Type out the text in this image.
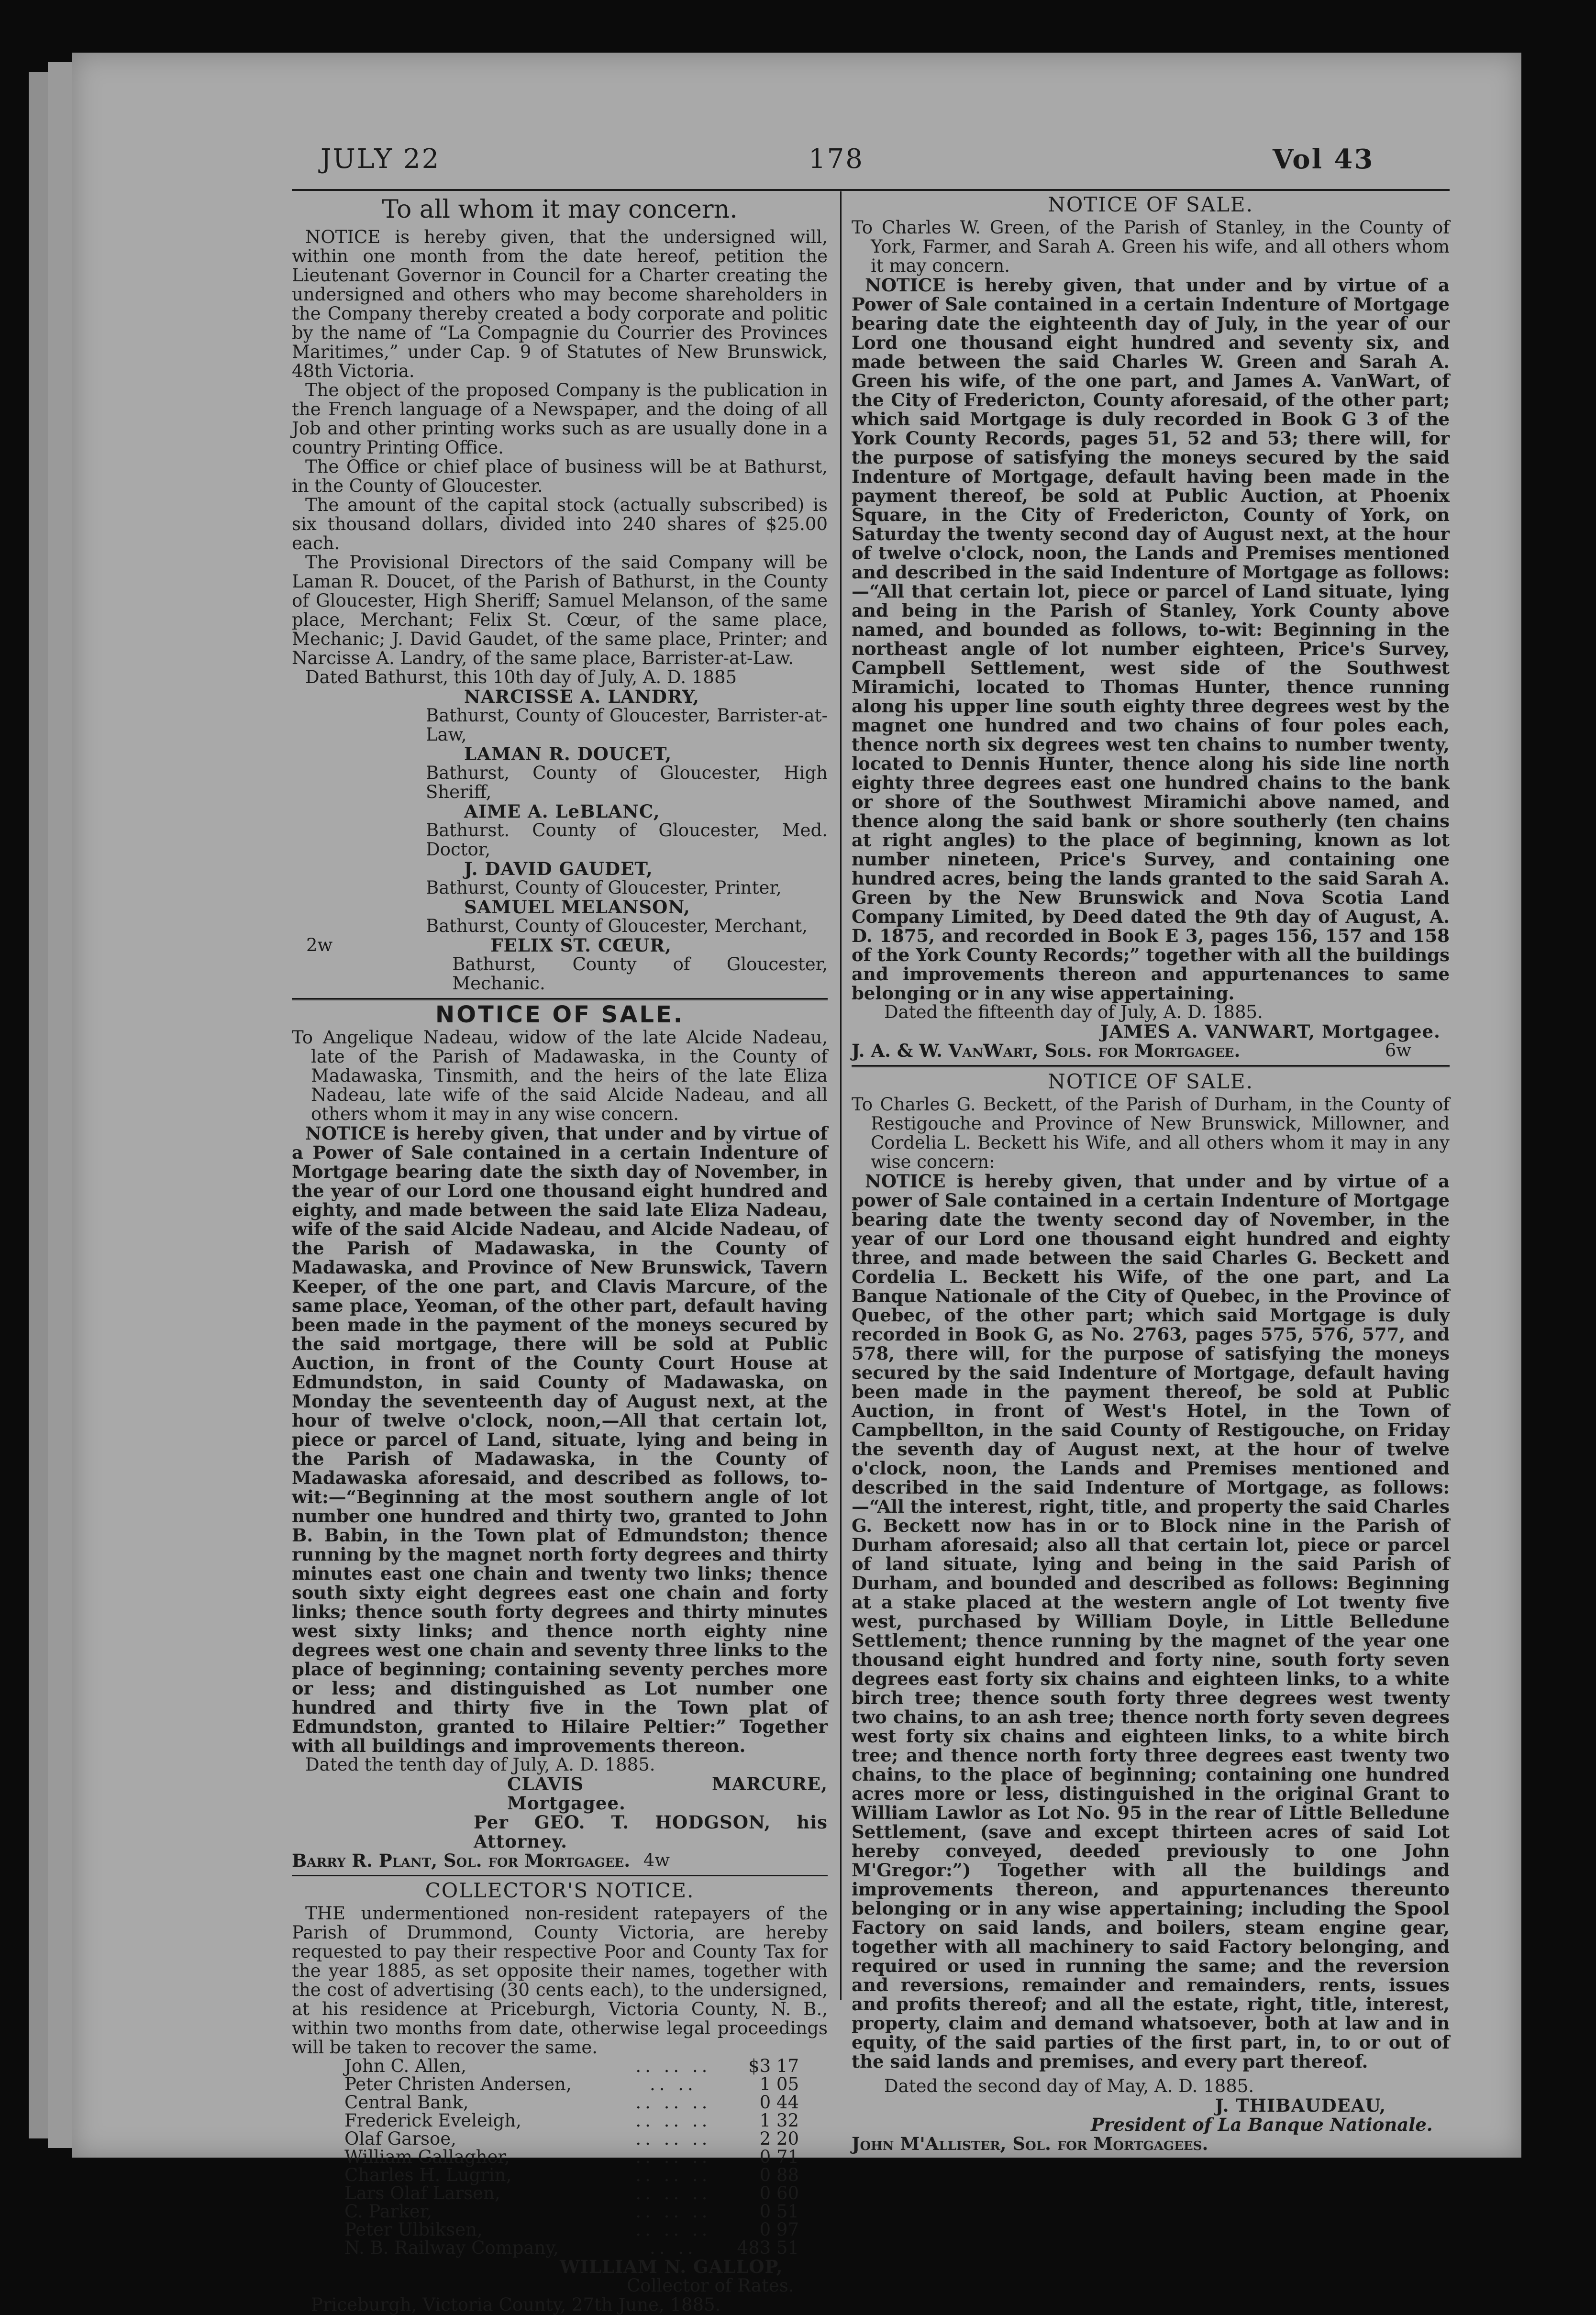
JULY 22	178	Vol 43
To all whom it may concern.

NOTICE is hereby given, that the undersigned will, within one month from the date hereof, petition the Lieutenant Governor in Council for a Charter creating the undersigned and others who may become shareholders in the Company thereby created a body corporate and politic by the name of “La Compagnie du Courrier des Provinces Maritimes,” under Cap. 9 of Statutes of New Brunswick, 48th Victoria.

The object of the proposed Company is the publication in the French language of a Newspaper, and the doing of all Job and other printing works such as are usually done in a country Printing Office.

The Office or chief place of business will be at Bathurst, in the County of Gloucester.

The amount of the capital stock (actually subscribed) is six thousand dollars, divided into 240 shares of $25.00 each.

The Provisional Directors of the said Company will be Laman R. Doucet, of the Parish of Bathurst, in the County of Gloucester, High Sheriff; Samuel Melanson, of the same place, Merchant; Felix St. Cœur, of the same place, Mechanic; J. David Gaudet, of the same place, Printer; and Narcisse A. Landry, of the same place, Barrister-at-Law.

Dated Bathurst, this 10th day of July, A. D. 1885

NARCISSE A. LANDRY,
Bathurst, County of Gloucester, Barrister-at-Law,
LAMAN R. DOUCET,
Bathurst, County of Gloucester, High Sheriff,
AIME A. LeBLANC,
Bathurst. County of Gloucester, Med. Doctor,
J. DAVID GAUDET,
Bathurst, County of Gloucester, Printer,
SAMUEL MELANSON,
Bathurst, County of Gloucester, Merchant,
2w	FELIX ST. CŒUR,
Bathurst, County of Gloucester, Mechanic.
NOTICE OF SALE.

To Angelique Nadeau, widow of the late Alcide Nadeau, late of the Parish of Madawaska, in the County of Madawaska, Tinsmith, and the heirs of the late Eliza Nadeau, late wife of the said Alcide Nadeau, and all others whom it may in any wise concern.

NOTICE is hereby given, that under and by virtue of a Power of Sale contained in a certain Indenture of Mortgage bearing date the sixth day of November, in the year of our Lord one thousand eight hundred and eighty, and made between the said late Eliza Nadeau, wife of the said Alcide Nadeau, and Alcide Nadeau, of the Parish of Madawaska, in the County of Madawaska, and Province of New Brunswick, Tavern Keeper, of the one part, and Clavis Marcure, of the same place, Yeoman, of the other part, default having been made in the payment of the moneys secured by the said mortgage, there will be sold at Public Auction, in front of the County Court House at Edmundston, in said County of Madawaska, on Monday the seventeenth day of August next, at the hour of twelve o'clock, noon,—All that certain lot, piece or parcel of Land, situate, lying and being in the Parish of Madawaska, in the County of Madawaska aforesaid, and described as follows, to-wit:—“Beginning at the most southern angle of lot number one hundred and thirty two, granted to John B. Babin, in the Town plat of Edmundston; thence running by the magnet north forty degrees and thirty minutes east one chain and twenty two links; thence south sixty eight degrees east one chain and forty links; thence south forty degrees and thirty minutes west sixty links; and thence north eighty nine degrees west one chain and seventy three links to the place of beginning; containing seventy perches more or less; and distinguished as Lot number one hundred and thirty five in the Town plat of Edmundston, granted to Hilaire Peltier:” Together with all buildings and improvements thereon.

Dated the tenth day of July, A. D. 1885.

CLAVIS MARCURE, Mortgagee.
Per GEO. T. HODGSON, his Attorney.
Barry R. Plant, Sol. for Mortgagee. 4w
COLLECTOR'S NOTICE.

THE undermentioned non-resident ratepayers of the Parish of Drummond, County Victoria, are hereby requested to pay their respective Poor and County Tax for the year 1885, as set opposite their names, together with the cost of advertising (30 cents each), to the undersigned, at his residence at Priceburgh, Victoria County, N. B., within two months from date, otherwise legal proceedings will be taken to recover the same.

John C. Allen,	.. .. ..	$3 17
Peter Christen Andersen,	.. ..	1 05
Central Bank,	.. .. ..	0 44
Frederick Eveleigh,	.. .. ..	1 32
Olaf Garsoe,	.. .. ..	2 20
William Gallagher,	.. .. ..	0 71
Charles H. Lugrin,	.. .. ..	0 88
Lars Olaf Larsen,	.. .. ..	0 60
C. Parker,	.. .. ..	0 51
Peter Ulbiksen,	.. .. ..	0 97
N. B. Railway Company,	.. ..	483 51
WILLIAM N. GALLOP,
Collector of Rates.
Priceburgh, Victoria County, 27th June, 1885.
NOTICE OF SALE.

To Charles W. Green, of the Parish of Stanley, in the County of York, Farmer, and Sarah A. Green his wife, and all others whom it may concern.

NOTICE is hereby given, that under and by virtue of a Power of Sale contained in a certain Indenture of Mortgage bearing date the eighteenth day of July, in the year of our Lord one thousand eight hundred and seventy six, and made between the said Charles W. Green and Sarah A. Green his wife, of the one part, and James A. VanWart, of the City of Fredericton, County aforesaid, of the other part; which said Mortgage is duly recorded in Book G 3 of the York County Records, pages 51, 52 and 53; there will, for the purpose of satisfying the moneys secured by the said Indenture of Mortgage, default having been made in the payment thereof, be sold at Public Auction, at Phoenix Square, in the City of Fredericton, County of York, on Saturday the twenty second day of August next, at the hour of twelve o'clock, noon, the Lands and Premises mentioned and described in the said Indenture of Mortgage as follows:—“All that certain lot, piece or parcel of Land situate, lying and being in the Parish of Stanley, York County above named, and bounded as follows, to-wit: Beginning in the northeast angle of lot number eighteen, Price's Survey, Campbell Settlement, west side of the Southwest Miramichi, located to Thomas Hunter, thence running along his upper line south eighty three degrees west by the magnet one hundred and two chains of four poles each, thence north six degrees west ten chains to number twenty, located to Dennis Hunter, thence along his side line north eighty three degrees east one hundred chains to the bank or shore of the Southwest Miramichi above named, and thence along the said bank or shore southerly (ten chains at right angles) to the place of beginning, known as lot number nineteen, Price's Survey, and containing one hundred acres, being the lands granted to the said Sarah A. Green by the New Brunswick and Nova Scotia Land Company Limited, by Deed dated the 9th day of August, A. D. 1875, and recorded in Book E 3, pages 156, 157 and 158 of the York County Records;” together with all the buildings and improvements thereon and appurtenances to same belonging or in any wise appertaining.

Dated the fifteenth day of July, A. D. 1885.

JAMES A. VANWART, Mortgagee.
J. A. & W. VanWart, Sols. for Mortgagee.	6w
NOTICE OF SALE.

To Charles G. Beckett, of the Parish of Durham, in the County of Restigouche and Province of New Brunswick, Millowner, and Cordelia L. Beckett his Wife, and all others whom it may in any wise concern:

NOTICE is hereby given, that under and by virtue of a power of Sale contained in a certain Indenture of Mortgage bearing date the twenty second day of November, in the year of our Lord one thousand eight hundred and eighty three, and made between the said Charles G. Beckett and Cordelia L. Beckett his Wife, of the one part, and La Banque Nationale of the City of Quebec, in the Province of Quebec, of the other part; which said Mortgage is duly recorded in Book G, as No. 2763, pages 575, 576, 577, and 578, there will, for the purpose of satisfying the moneys secured by the said Indenture of Mortgage, default having been made in the payment thereof, be sold at Public Auction, in front of West's Hotel, in the Town of Campbellton, in the said County of Restigouche, on Friday the seventh day of August next, at the hour of twelve o'clock, noon, the Lands and Premises mentioned and described in the said Indenture of Mortgage, as follows:—“All the interest, right, title, and property the said Charles G. Beckett now has in or to Block nine in the Parish of Durham aforesaid; also all that certain lot, piece or parcel of land situate, lying and being in the said Parish of Durham, and bounded and described as follows: Beginning at a stake placed at the western angle of Lot twenty five west, purchased by William Doyle, in Little Belledune Settlement; thence running by the magnet of the year one thousand eight hundred and forty nine, south forty seven degrees east forty six chains and eighteen links, to a white birch tree; thence south forty three degrees west twenty two chains, to an ash tree; thence north forty seven degrees west forty six chains and eighteen links, to a white birch tree; and thence north forty three degrees east twenty two chains, to the place of beginning; containing one hundred acres more or less, distinguished in the original Grant to William Lawlor as Lot No. 95 in the rear of Little Belledune Settlement, (save and except thirteen acres of said Lot hereby conveyed, deeded previously to one John M'Gregor:”) Together with all the buildings and improvements thereon, and appurtenances thereunto belonging or in any wise appertaining; including the Spool Factory on said lands, and boilers, steam engine gear, together with all machinery to said Factory belonging, and required or used in running the same; and the reversion and reversions, remainder and remainders, rents, issues and profits thereof; and all the estate, right, title, interest, property, claim and demand whatsoever, both at law and in equity, of the said parties of the first part, in, to or out of the said lands and premises, and every part thereof.

Dated the second day of May, A. D. 1885.

J. THIBAUDEAU,
President of La Banque Nationale.
John M'Allister, Sol. for Mortgagees.
